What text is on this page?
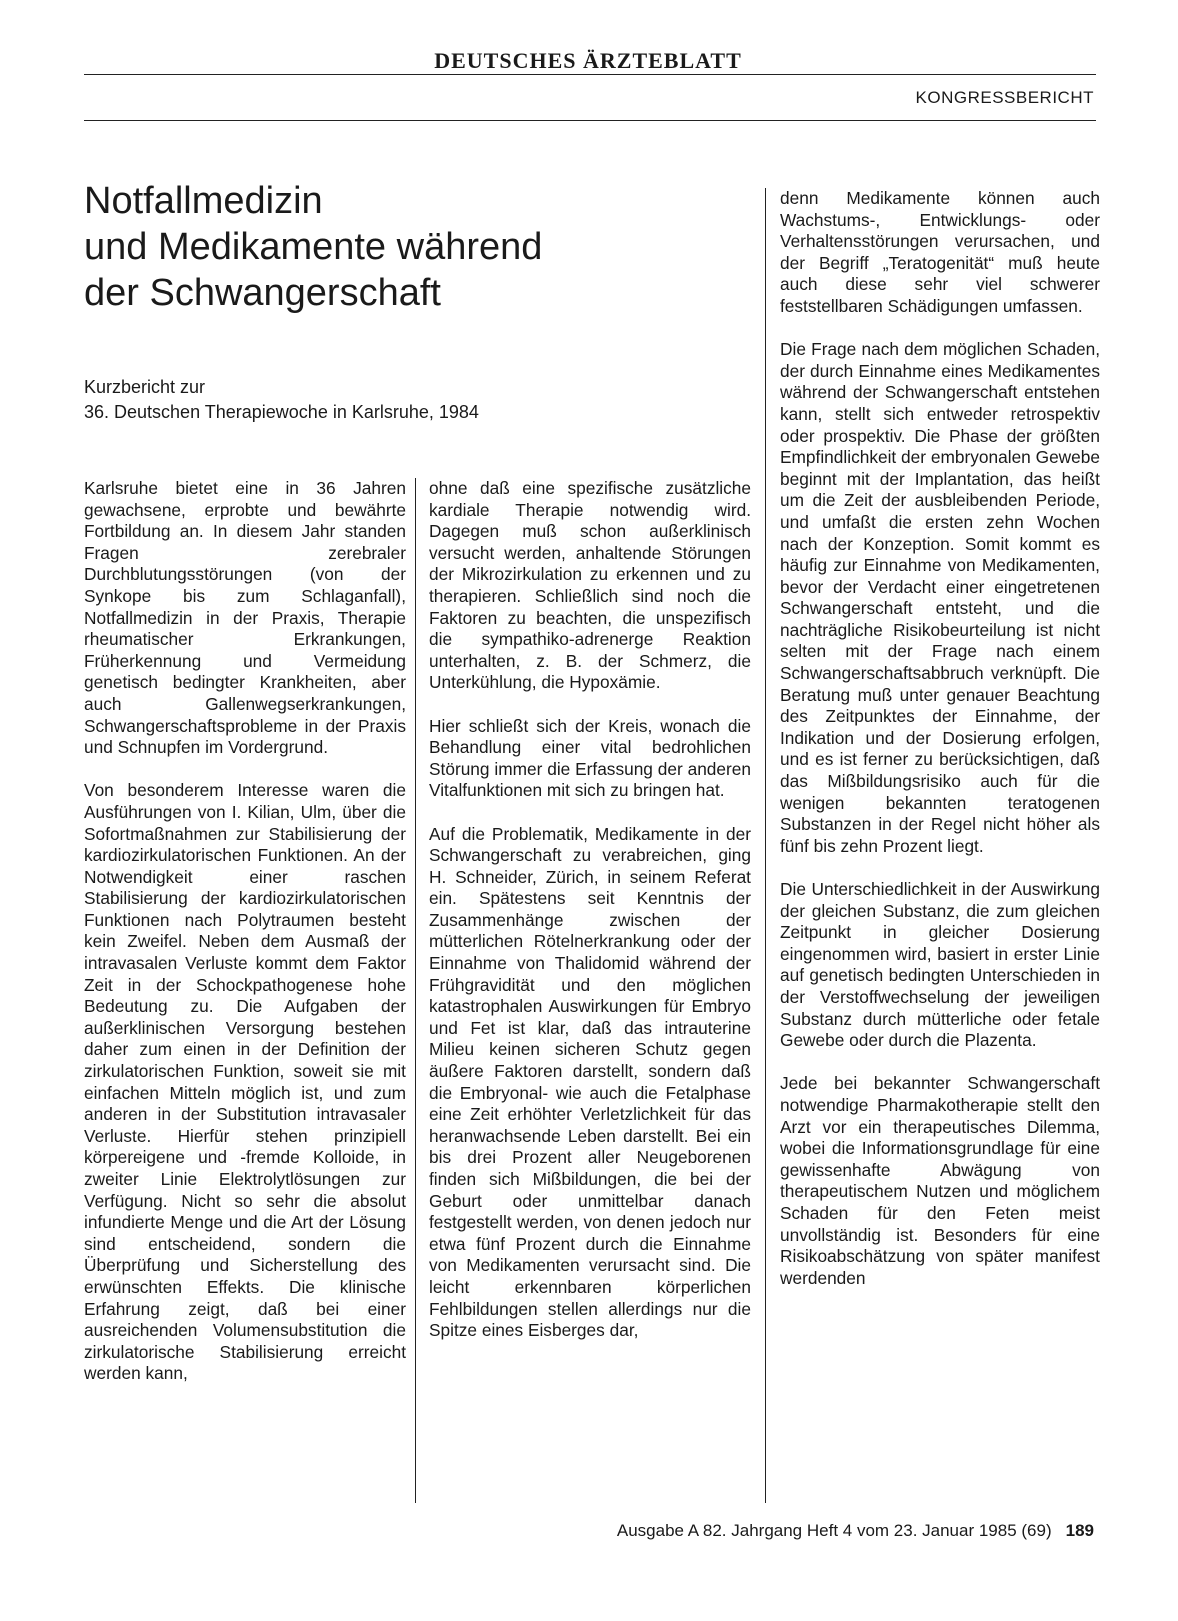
DEUTSCHES ÄRZTEBLATT
KONGRESSBERICHT
Notfallmedizin
und Medikamente während
der Schwangerschaft
Kurzbericht zur
36. Deutschen Therapiewoche in Karlsruhe, 1984

Karlsruhe bietet eine in 36 Jahren gewachsene, erprobte und bewährte Fortbildung an. In diesem Jahr standen Fragen zerebraler Durchblutungsstörungen (von der Synkope bis zum Schlaganfall), Notfallmedizin in der Praxis, Therapie rheumatischer Erkrankungen, Früherkennung und Vermeidung genetisch bedingter Krankheiten, aber auch Gallenwegserkrankungen, Schwangerschaftsprobleme in der Praxis und Schnupfen im Vordergrund.

Von besonderem Interesse waren die Ausführungen von I. Kilian, Ulm, über die Sofortmaßnahmen zur Stabilisierung der kardiozirkulatorischen Funktionen. An der Notwendigkeit einer raschen Stabilisierung der kardiozirkulatorischen Funktionen nach Polytraumen besteht kein Zweifel. Neben dem Ausmaß der intravasalen Verluste kommt dem Faktor Zeit in der Schockpathogenese hohe Bedeutung zu. Die Aufgaben der außerklinischen Versorgung bestehen daher zum einen in der Definition der zirkulatorischen Funktion, soweit sie mit einfachen Mitteln möglich ist, und zum anderen in der Substitution intravasaler Verluste. Hierfür stehen prinzipiell körpereigene und -fremde Kolloide, in zweiter Linie Elektrolytlösungen zur Verfügung. Nicht so sehr die absolut infundierte Menge und die Art der Lösung sind entscheidend, sondern die Überprüfung und Sicherstellung des erwünschten Effekts. Die klinische Erfahrung zeigt, daß bei einer ausreichenden Volumensubstitution die zirkulatorische Stabilisierung erreicht werden kann,

ohne daß eine spezifische zusätzliche kardiale Therapie notwendig wird. Dagegen muß schon außerklinisch versucht werden, anhaltende Störungen der Mikrozirkulation zu erkennen und zu therapieren. Schließlich sind noch die Faktoren zu beachten, die unspezifisch die sympathiko-adrenerge Reaktion unterhalten, z. B. der Schmerz, die Unterkühlung, die Hypoxämie.

Hier schließt sich der Kreis, wonach die Behandlung einer vital bedrohlichen Störung immer die Erfassung der anderen Vitalfunktionen mit sich zu bringen hat.

Auf die Problematik, Medikamente in der Schwangerschaft zu verabreichen, ging H. Schneider, Zürich, in seinem Referat ein. Spätestens seit Kenntnis der Zusammenhänge zwischen der mütterlichen Rötelnerkrankung oder der Einnahme von Thalidomid während der Frühgravidität und den möglichen katastrophalen Auswirkungen für Embryo und Fet ist klar, daß das intrauterine Milieu keinen sicheren Schutz gegen äußere Faktoren darstellt, sondern daß die Embryonal- wie auch die Fetalphase eine Zeit erhöhter Verletzlichkeit für das heranwachsende Leben darstellt. Bei ein bis drei Prozent aller Neugeborenen finden sich Mißbildungen, die bei der Geburt oder unmittelbar danach festgestellt werden, von denen jedoch nur etwa fünf Prozent durch die Einnahme von Medikamenten verursacht sind. Die leicht erkennbaren körperlichen Fehlbildungen stellen allerdings nur die Spitze eines Eisberges dar,

denn Medikamente können auch Wachstums-, Entwicklungs- oder Verhaltensstörungen verursachen, und der Begriff „Teratogenität“ muß heute auch diese sehr viel schwerer feststellbaren Schädigungen umfassen.

Die Frage nach dem möglichen Schaden, der durch Einnahme eines Medikamentes während der Schwangerschaft entstehen kann, stellt sich entweder retrospektiv oder prospektiv. Die Phase der größten Empfindlichkeit der embryonalen Gewebe beginnt mit der Implantation, das heißt um die Zeit der ausbleibenden Periode, und umfaßt die ersten zehn Wochen nach der Konzeption. Somit kommt es häufig zur Einnahme von Medikamenten, bevor der Verdacht einer eingetretenen Schwangerschaft entsteht, und die nachträgliche Risikobeurteilung ist nicht selten mit der Frage nach einem Schwangerschaftsabbruch verknüpft. Die Beratung muß unter genauer Beachtung des Zeitpunktes der Einnahme, der Indikation und der Dosierung erfolgen, und es ist ferner zu berücksichtigen, daß das Mißbildungsrisiko auch für die wenigen bekannten teratogenen Substanzen in der Regel nicht höher als fünf bis zehn Prozent liegt.

Die Unterschiedlichkeit in der Auswirkung der gleichen Substanz, die zum gleichen Zeitpunkt in gleicher Dosierung eingenommen wird, basiert in erster Linie auf genetisch bedingten Unterschieden in der Verstoffwechselung der jeweiligen Substanz durch mütterliche oder fetale Gewebe oder durch die Plazenta.

Jede bei bekannter Schwangerschaft notwendige Pharmakotherapie stellt den Arzt vor ein therapeutisches Dilemma, wobei die Informationsgrundlage für eine gewissenhafte Abwägung von therapeutischem Nutzen und möglichem Schaden für den Feten meist unvollständig ist. Besonders für eine Risikoabschätzung von später manifest werdenden

Ausgabe A 82. Jahrgang Heft 4 vom 23. Januar 1985 (69) 189
